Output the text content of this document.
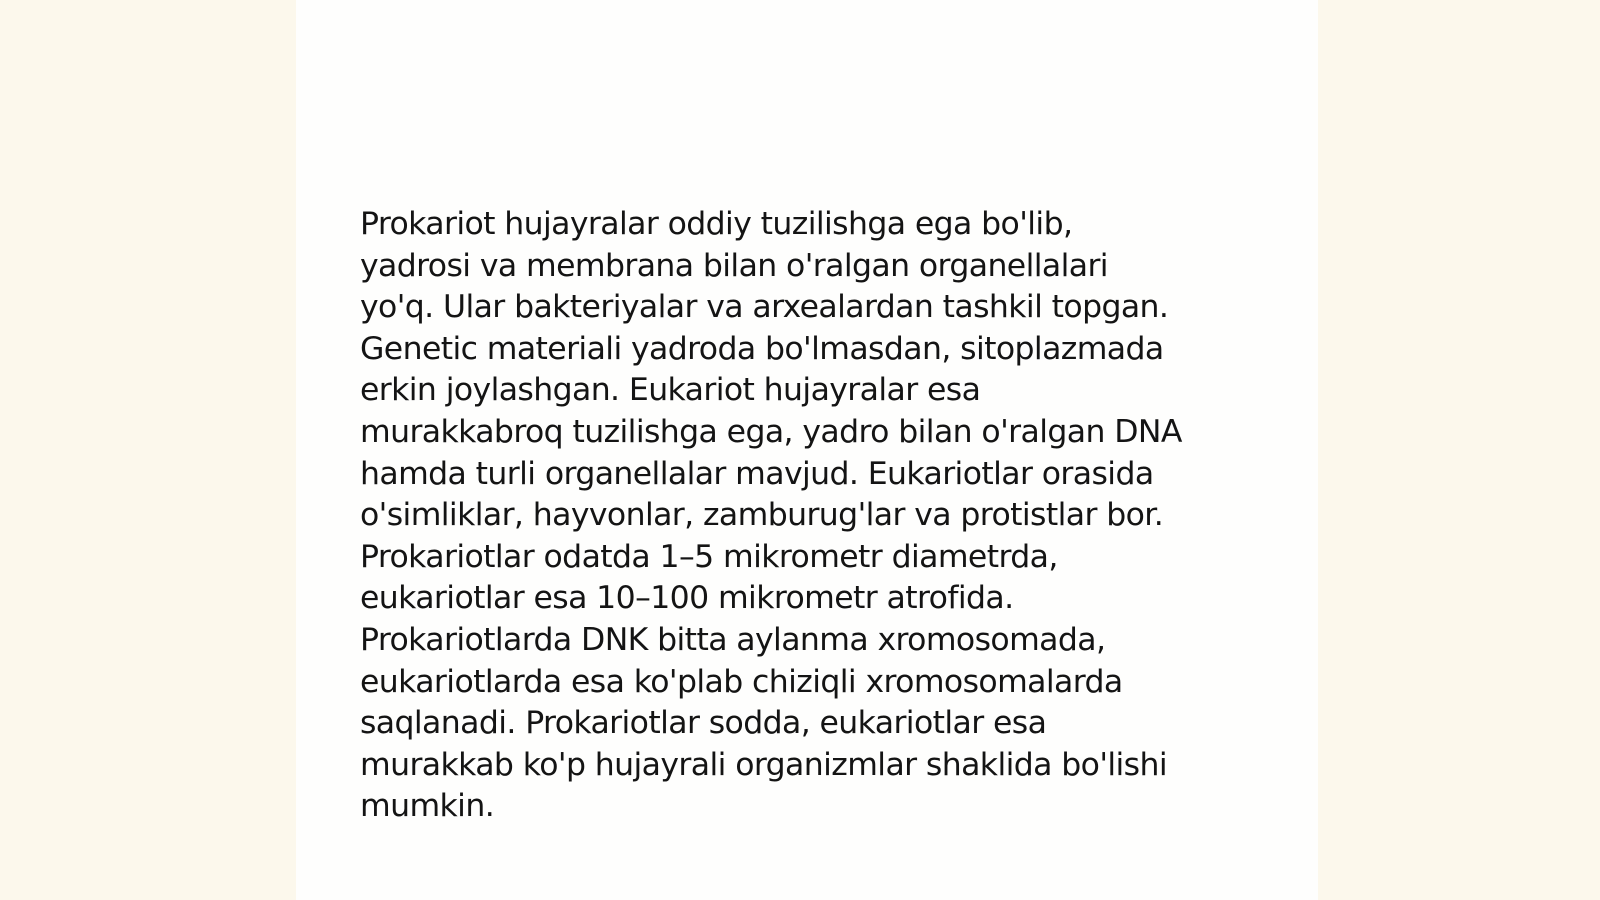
Prokariot hujayralar oddiy tuzilishga ega bo'lib,
yadrosi va membrana bilan o'ralgan organellalari
yo'q. Ular bakteriyalar va arxealardan tashkil topgan.
Genetic materiali yadroda bo'lmasdan, sitoplazmada
erkin joylashgan. Eukariot hujayralar esa
murakkabroq tuzilishga ega, yadro bilan o'ralgan DNA
hamda turli organellalar mavjud. Eukariotlar orasida
o'simliklar, hayvonlar, zamburug'lar va protistlar bor.
Prokariotlar odatda 1–5 mikrometr diametrda,
eukariotlar esa 10–100 mikrometr atrofida.
Prokariotlarda DNK bitta aylanma xromosomada,
eukariotlarda esa ko'plab chiziqli xromosomalarda
saqlanadi. Prokariotlar sodda, eukariotlar esa
murakkab ko'p hujayrali organizmlar shaklida bo'lishi
mumkin.
